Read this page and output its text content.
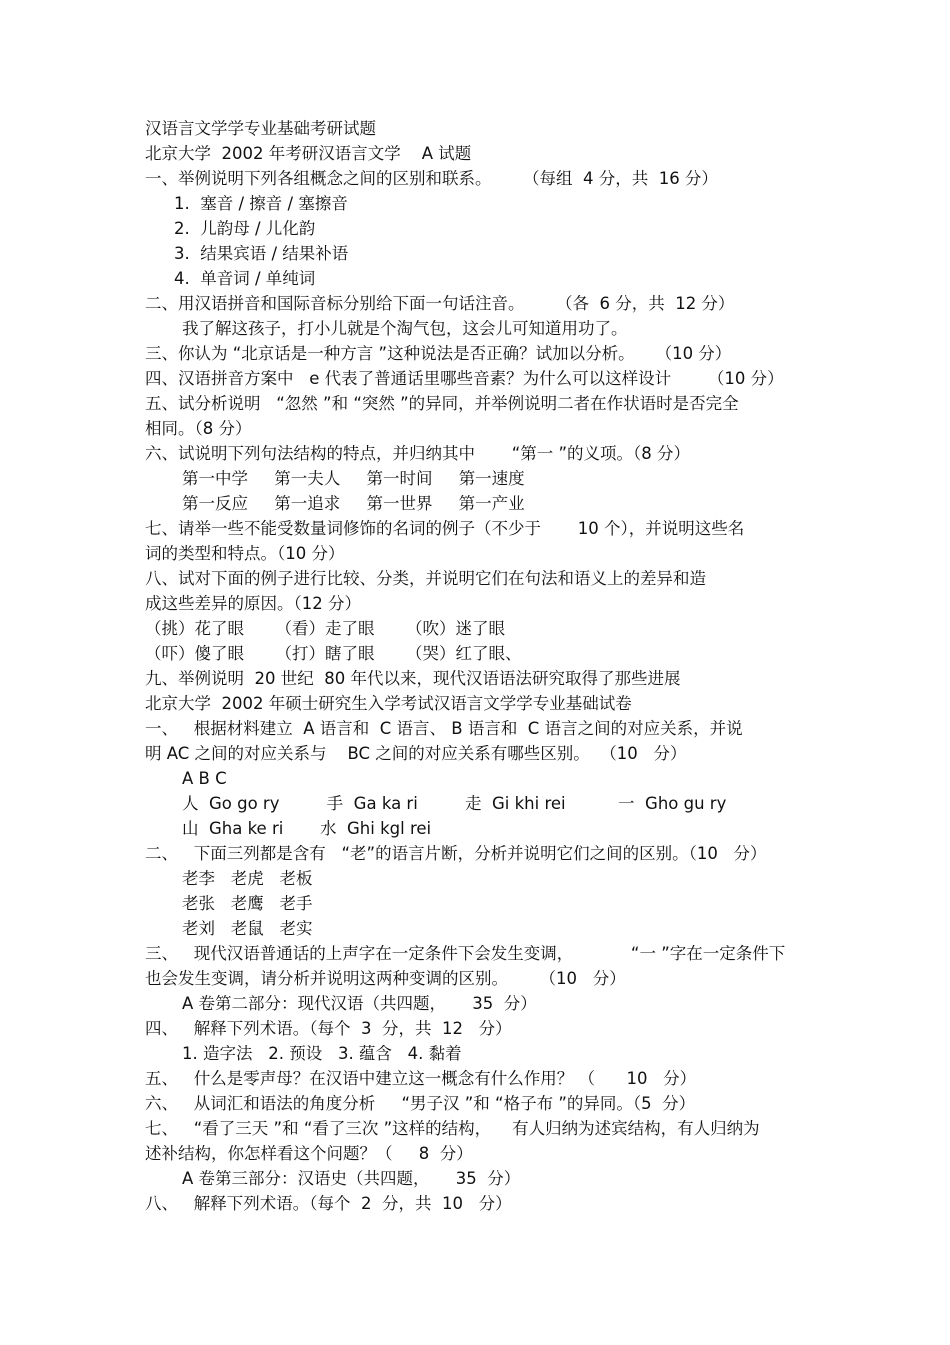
汉语言文学学专业基础考研试题
北京大学  2002 年考研汉语言文学    A 试题
一、举例说明下列各组概念之间的区别和联系。      （每组  4 分，共  16 分）
1.  塞音 / 擦音 / 塞擦音
2.  儿韵母 / 儿化韵
3.  结果宾语 / 结果补语
4.  单音词 / 单纯词
二、用汉语拼音和国际音标分别给下面一句话注音。      （各  6 分，共  12 分）
我了解这孩子，打小儿就是个淘气包，这会儿可知道用功了。
三、你认为 “北京话是一种方言 ”这种说法是否正确？试加以分析。    （10 分）
四、汉语拼音方案中   e 代表了普通话里哪些音素？为什么可以这样设计       （10 分）
五、试分析说明   “忽然 ”和 “突然 ”的异同，并举例说明二者在作状语时是否完全
相同。（8 分）
六、试说明下列句法结构的特点，并归纳其中       “第一 ”的义项。（8 分）
第一中学     第一夫人     第一时间     第一速度
第一反应     第一追求     第一世界     第一产业
七、请举一些不能受数量词修饰的名词的例子（不少于       10 个），并说明这些名
词的类型和特点。（10 分）
八、试对下面的例子进行比较、分类，并说明它们在句法和语义上的差异和造
成这些差异的原因。（12 分）
（挑）花了眼      （看）走了眼      （吹）迷了眼
（吓）傻了眼      （打）瞎了眼      （哭）红了眼、
九、举例说明  20 世纪  80 年代以来，现代汉语语法研究取得了那些进展
北京大学  2002 年硕士研究生入学考试汉语言文学学专业基础试卷
一、   根据材料建立  A 语言和  C 语言、 B 语言和  C 语言之间的对应关系，并说
明 AC 之间的对应关系与    BC 之间的对应关系有哪些区别。  （10   分）
A B C
人  Go go ry         手  Ga ka ri         走  Gi khi rei          一  Gho gu ry
山  Gha ke ri       水  Ghi kgl rei
二、   下面三列都是含有   “老”的语言片断，分析并说明它们之间的区别。（10   分）
老李   老虎   老板
老张   老鹰   老手
老刘   老鼠   老实
三、   现代汉语普通话的上声字在一定条件下会发生变调，           “一 ”字在一定条件下
也会发生变调，请分析并说明这两种变调的区别。      （10   分）
A 卷第二部分：现代汉语（共四题，     35  分）
四、   解释下列术语。（每个  3  分，共  12   分）
1. 造字法   2. 预设   3. 蕴含   4. 黏着
五、   什么是零声母？在汉语中建立这一概念有什么作用？ （      10   分）
六、   从词汇和语法的角度分析     “男子汉 ”和 “格子布 ”的异同。（5  分）
七、   “看了三天 ”和 “看了三次 ”这样的结构，    有人归纳为述宾结构，有人归纳为
述补结构，你怎样看这个问题？（     8  分）
A 卷第三部分：汉语史（共四题，     35  分）
八、   解释下列术语。（每个  2  分，共  10   分）
